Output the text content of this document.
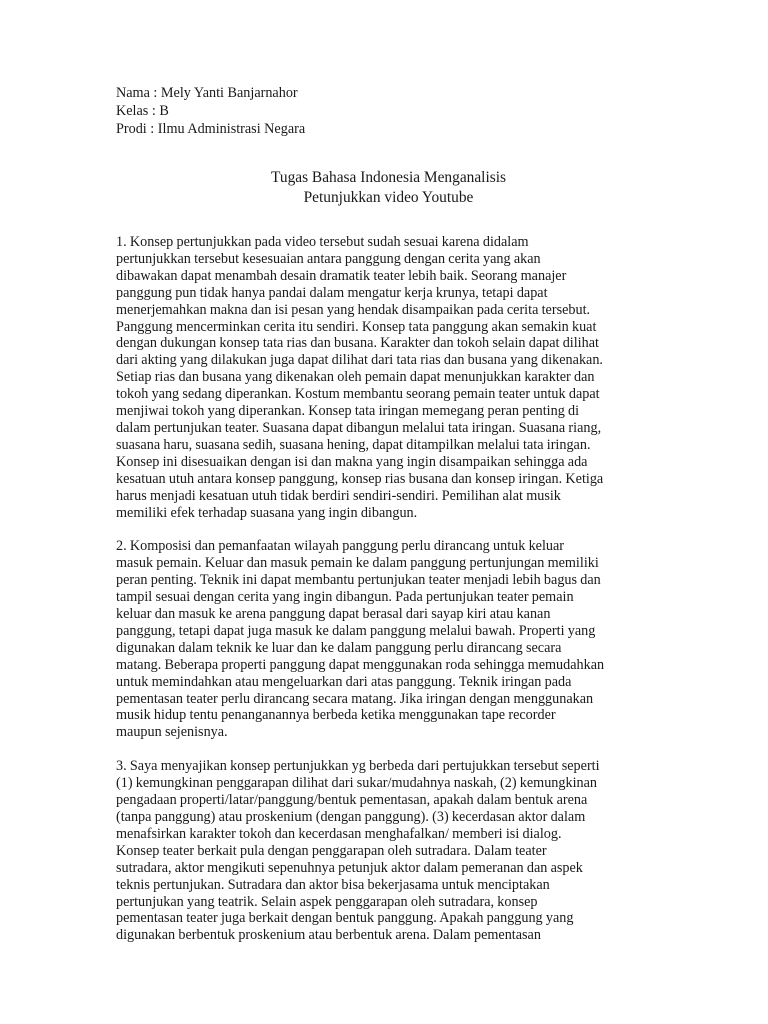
Nama : Mely Yanti Banjarnahor

Kelas : B

Prodi : Ilmu Administrasi Negara

Tugas Bahasa Indonesia Menganalisis
Petunjukkan video Youtube
1. Konsep pertunjukkan pada video tersebut sudah sesuai karena didalam
pertunjukkan tersebut kesesuaian antara panggung dengan cerita yang akan
dibawakan dapat menambah desain dramatik teater lebih baik. Seorang manajer
panggung pun tidak hanya pandai dalam mengatur kerja krunya, tetapi dapat
menerjemahkan makna dan isi pesan yang hendak disampaikan pada cerita tersebut.
Panggung mencerminkan cerita itu sendiri. Konsep tata panggung akan semakin kuat
dengan dukungan konsep tata rias dan busana. Karakter dan tokoh selain dapat dilihat
dari akting yang dilakukan juga dapat dilihat dari tata rias dan busana yang dikenakan.
Setiap rias dan busana yang dikenakan oleh pemain dapat menunjukkan karakter dan
tokoh yang sedang diperankan. Kostum membantu seorang pemain teater untuk dapat
menjiwai tokoh yang diperankan. Konsep tata iringan memegang peran penting di
dalam pertunjukan teater. Suasana dapat dibangun melalui tata iringan. Suasana riang,
suasana haru, suasana sedih, suasana hening, dapat ditampilkan melalui tata iringan.
Konsep ini disesuaikan dengan isi dan makna yang ingin disampaikan sehingga ada
kesatuan utuh antara konsep panggung, konsep rias busana dan konsep iringan. Ketiga
harus menjadi kesatuan utuh tidak berdiri sendiri-sendiri. Pemilihan alat musik
memiliki efek terhadap suasana yang ingin dibangun.
2. Komposisi dan pemanfaatan wilayah panggung perlu dirancang untuk keluar
masuk pemain. Keluar dan masuk pemain ke dalam panggung pertunjungan memiliki
peran penting. Teknik ini dapat membantu pertunjukan teater menjadi lebih bagus dan
tampil sesuai dengan cerita yang ingin dibangun. Pada pertunjukan teater pemain
keluar dan masuk ke arena panggung dapat berasal dari sayap kiri atau kanan
panggung, tetapi dapat juga masuk ke dalam panggung melalui bawah. Properti yang
digunakan dalam teknik ke luar dan ke dalam panggung perlu dirancang secara
matang. Beberapa properti panggung dapat menggunakan roda sehingga memudahkan
untuk memindahkan atau mengeluarkan dari atas panggung. Teknik iringan pada
pementasan teater perlu dirancang secara matang. Jika iringan dengan menggunakan
musik hidup tentu penanganannya berbeda ketika menggunakan tape recorder
maupun sejenisnya.
3. Saya menyajikan konsep pertunjukkan yg berbeda dari pertujukkan tersebut seperti
(1) kemungkinan penggarapan dilihat dari sukar/mudahnya naskah, (2) kemungkinan
pengadaan properti/latar/panggung/bentuk pementasan, apakah dalam bentuk arena
(tanpa panggung) atau proskenium (dengan panggung). (3) kecerdasan aktor dalam
menafsirkan karakter tokoh dan kecerdasan menghafalkan/ memberi isi dialog.
Konsep teater berkait pula dengan penggarapan oleh sutradara. Dalam teater
sutradara, aktor mengikuti sepenuhnya petunjuk aktor dalam pemeranan dan aspek
teknis pertunjukan. Sutradara dan aktor bisa bekerjasama untuk menciptakan
pertunjukan yang teatrik. Selain aspek penggarapan oleh sutradara, konsep
pementasan teater juga berkait dengan bentuk panggung. Apakah panggung yang
digunakan berbentuk proskenium atau berbentuk arena. Dalam pementasan
